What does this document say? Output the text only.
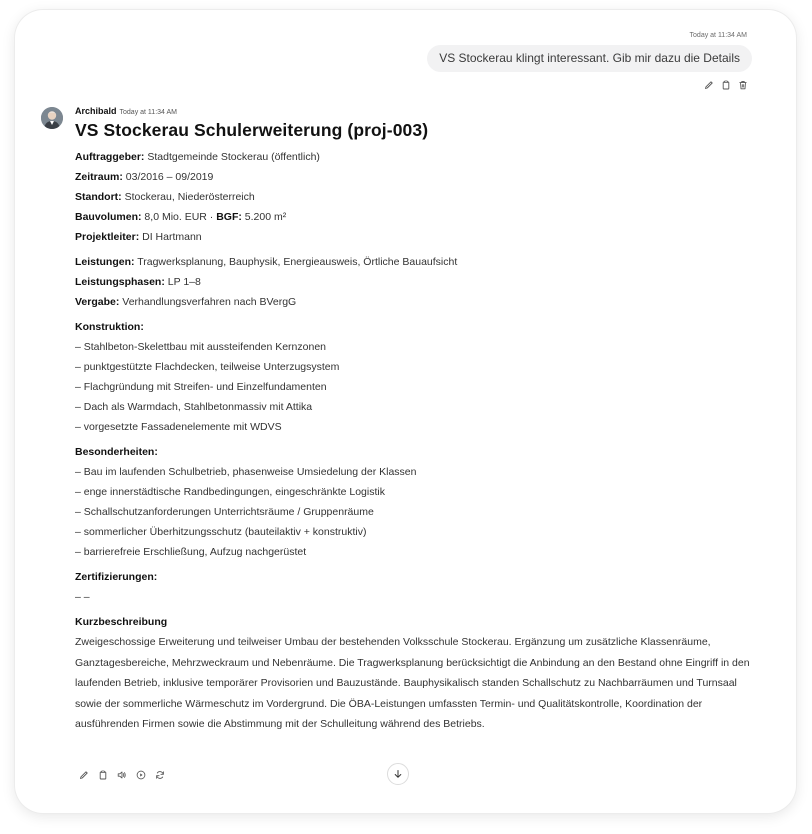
Today at 11:34 AM
VS Stockerau klingt interessant. Gib mir dazu die Details
Archibald Today at 11:34 AM
VS Stockerau Schulerweiterung (proj-003)
Auftraggeber: Stadtgemeinde Stockerau (öffentlich)
Zeitraum: 03/2016 – 09/2019
Standort: Stockerau, Niederösterreich
Bauvolumen: 8,0 Mio. EUR · BGF: 5.200 m²
Projektleiter: DI Hartmann
Leistungen: Tragwerksplanung, Bauphysik, Energieausweis, Örtliche Bauaufsicht
Leistungsphasen: LP 1–8
Vergabe: Verhandlungsverfahren nach BVergG
Konstruktion:
– Stahlbeton-Skelettbau mit aussteifenden Kernzonen
– punktgestützte Flachdecken, teilweise Unterzugsystem
– Flachgründung mit Streifen- und Einzelfundamenten
– Dach als Warmdach, Stahlbetonmassiv mit Attika
– vorgesetzte Fassadenelemente mit WDVS
Besonderheiten:
– Bau im laufenden Schulbetrieb, phasenweise Umsiedelung der Klassen
– enge innerstädtische Randbedingungen, eingeschränkte Logistik
– Schallschutzanforderungen Unterrichtsräume / Gruppenräume
– sommerlicher Überhitzungsschutz (bauteilaktiv + konstruktiv)
– barrierefreie Erschließung, Aufzug nachgerüstet
Zertifizierungen:
– –
Kurzbeschreibung
Zweigeschossige Erweiterung und teilweiser Umbau der bestehenden Volksschule Stockerau. Ergänzung um zusätzliche Klassenräume, Ganztagesbereiche, Mehrzweckraum und Nebenräume. Die Tragwerksplanung berücksichtigt die Anbindung an den Bestand ohne Eingriff in den laufenden Betrieb, inklusive temporärer Provisorien und Bauzustände. Bauphysikalisch standen Schallschutz zu Nachbarräumen und Turnsaal sowie der sommerliche Wärmeschutz im Vordergrund. Die ÖBA-Leistungen umfassten Termin- und Qualitätskontrolle, Koordination der ausführenden Firmen sowie die Abstimmung mit der Schulleitung während des Betriebs.
